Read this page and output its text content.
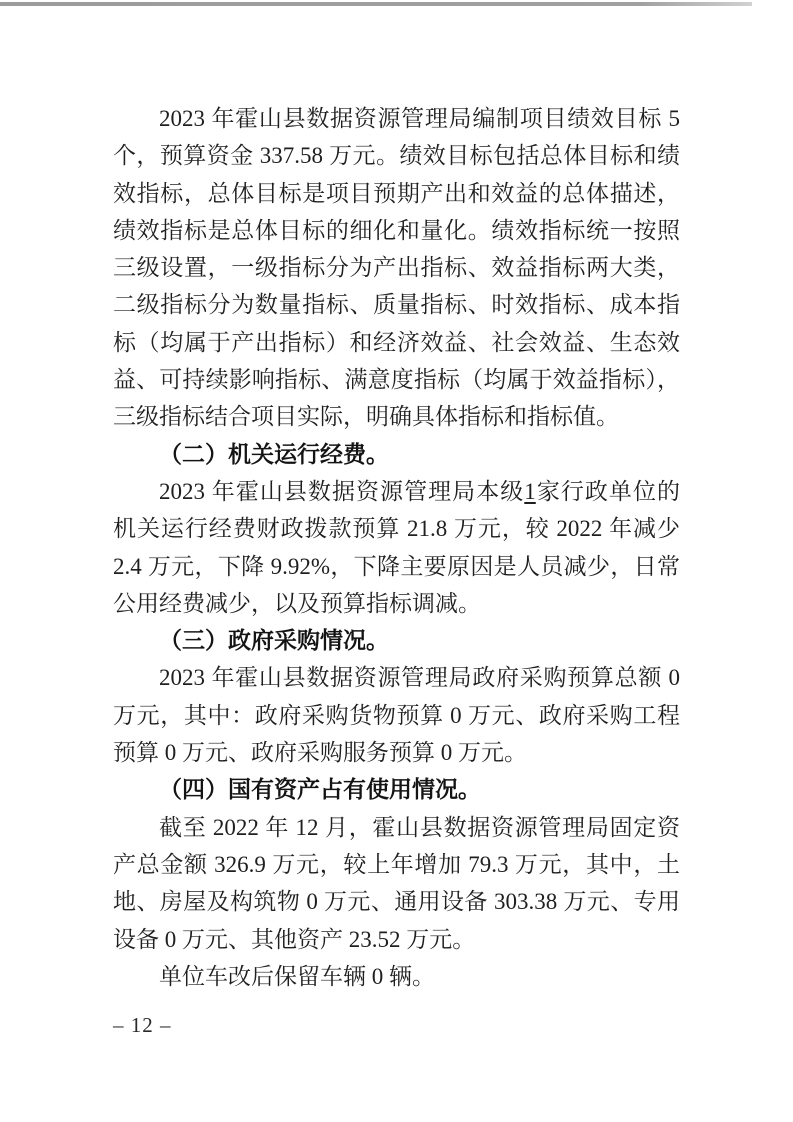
2023 年霍山县数据资源管理局编制项目绩效目标 5 个，预算资金 337.58 万元。绩效目标包括总体目标和绩效指标，总体目标是项目预期产出和效益的总体描述，绩效指标是总体目标的细化和量化。绩效指标统一按照三级设置，一级指标分为产出指标、效益指标两大类，二级指标分为数量指标、质量指标、时效指标、成本指标（均属于产出指标）和经济效益、社会效益、生态效益、可持续影响指标、满意度指标（均属于效益指标），三级指标结合项目实际，明确具体指标和指标值。

（二）机关运行经费。

2023 年霍山县数据资源管理局本级1家行政单位的机关运行经费财政拨款预算 21.8 万元，较 2022 年减少 2.4 万元，下降 9.92%，下降主要原因是人员减少，日常公用经费减少，以及预算指标调减。

（三）政府采购情况。

2023 年霍山县数据资源管理局政府采购预算总额 0 万元，其中：政府采购货物预算 0 万元、政府采购工程预算 0 万元、政府采购服务预算 0 万元。

（四）国有资产占有使用情况。

截至 2022 年 12 月，霍山县数据资源管理局固定资产总金额 326.9 万元，较上年增加 79.3 万元，其中，土地、房屋及构筑物 0 万元、通用设备 303.38 万元、专用设备 0 万元、其他资产 23.52 万元。

单位车改后保留车辆 0 辆。

– 12 –
